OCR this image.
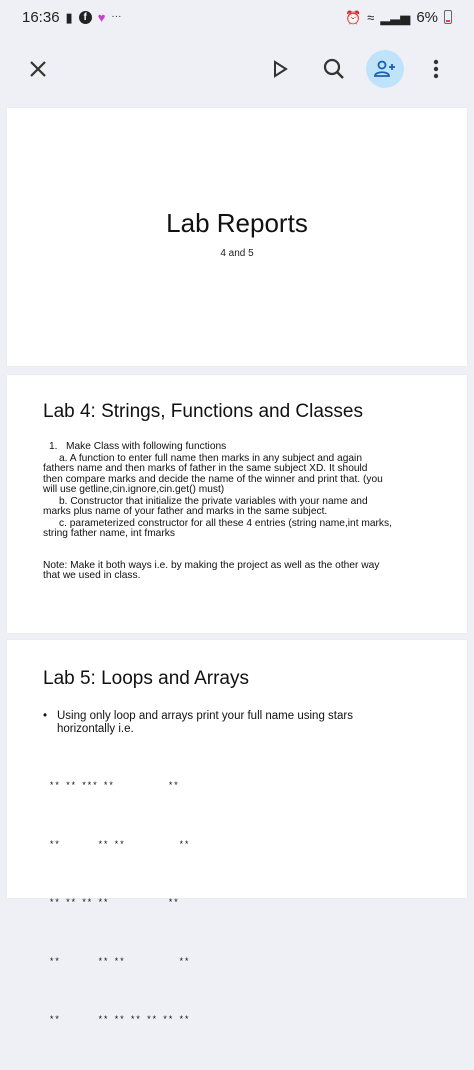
16:36 ▮	f ♥ ···	⏰ ≈ ▂▃▅ 6%
Lab Reports
4 and 5
Lab 4: Strings, Functions and Classes
1. Make Class with following functions
a. A function to enter full name then marks in any subject and again
fathers name and then marks of father in the same subject XD. It should
then compare marks and decide the name of the winner and print that. (you
will use getline,cin.ignore,cin.get() must)
b. Constructor that initialize the private variables with your name and
marks plus name of your father and marks in the same subject.
c. parameterized constructor for all these 4 entries (string name,int marks,
string father name, int fmarks
Note: Make it both ways i.e. by making the project as well as the other way
that we used in class.
Lab 5: Loops and Arrays
• Using only loop and arrays print your full name using stars
horizontally i.e.

** ** *** **          **

**       ** **          **

** ** ** **           **

**       ** **          **

**       ** ** ** ** ** **
